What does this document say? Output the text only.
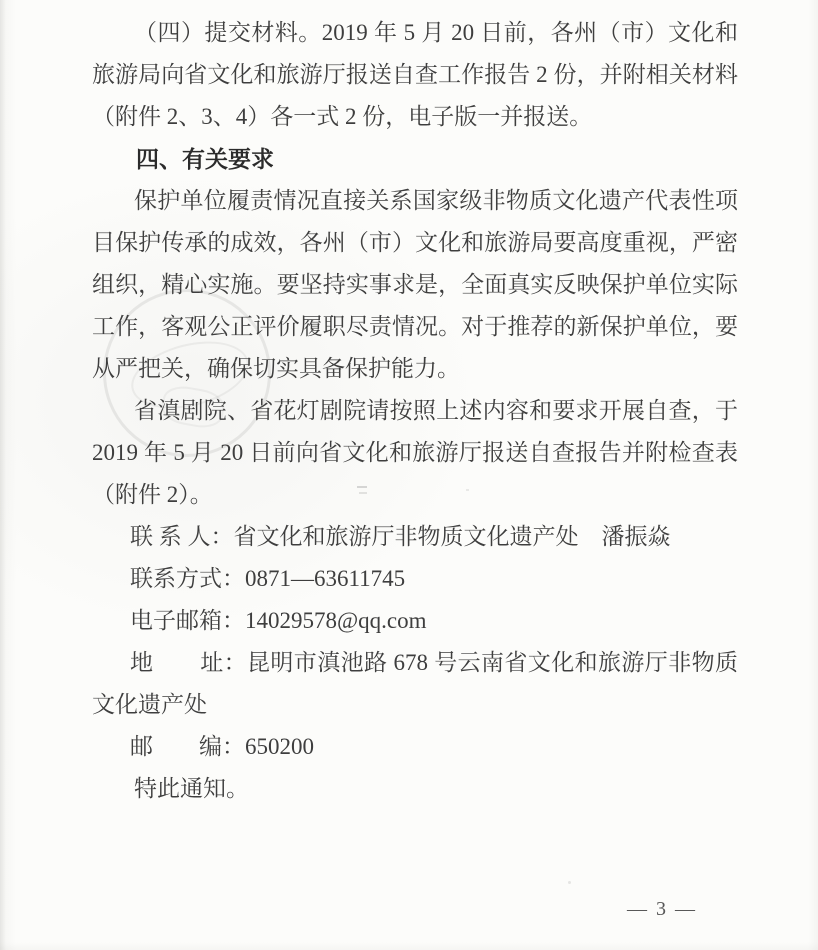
（四）提交材料。2019 年 5 月 20 日前，各州（市）文化和旅游局向省文化和旅游厅报送自查工作报告 2 份，并附相关材料（附件 2、3、4）各一式 2 份，电子版一并报送。

四、有关要求

保护单位履责情况直接关系国家级非物质文化遗产代表性项目保护传承的成效，各州（市）文化和旅游局要高度重视，严密组织，精心实施。要坚持实事求是，全面真实反映保护单位实际工作，客观公正评价履职尽责情况。对于推荐的新保护单位，要从严把关，确保切实具备保护能力。

省滇剧院、省花灯剧院请按照上述内容和要求开展自查，于 2019 年 5 月 20 日前向省文化和旅游厅报送自查报告并附检查表（附件 2）。

联 系 人：省文化和旅游厅非物质文化遗产处　潘振焱

联系方式：0871—63611745

电子邮箱：14029578@qq.com

地　　址：昆明市滇池路 678 号云南省文化和旅游厅非物质文化遗产处

邮　　编：650200

特此通知。

— 3 —
